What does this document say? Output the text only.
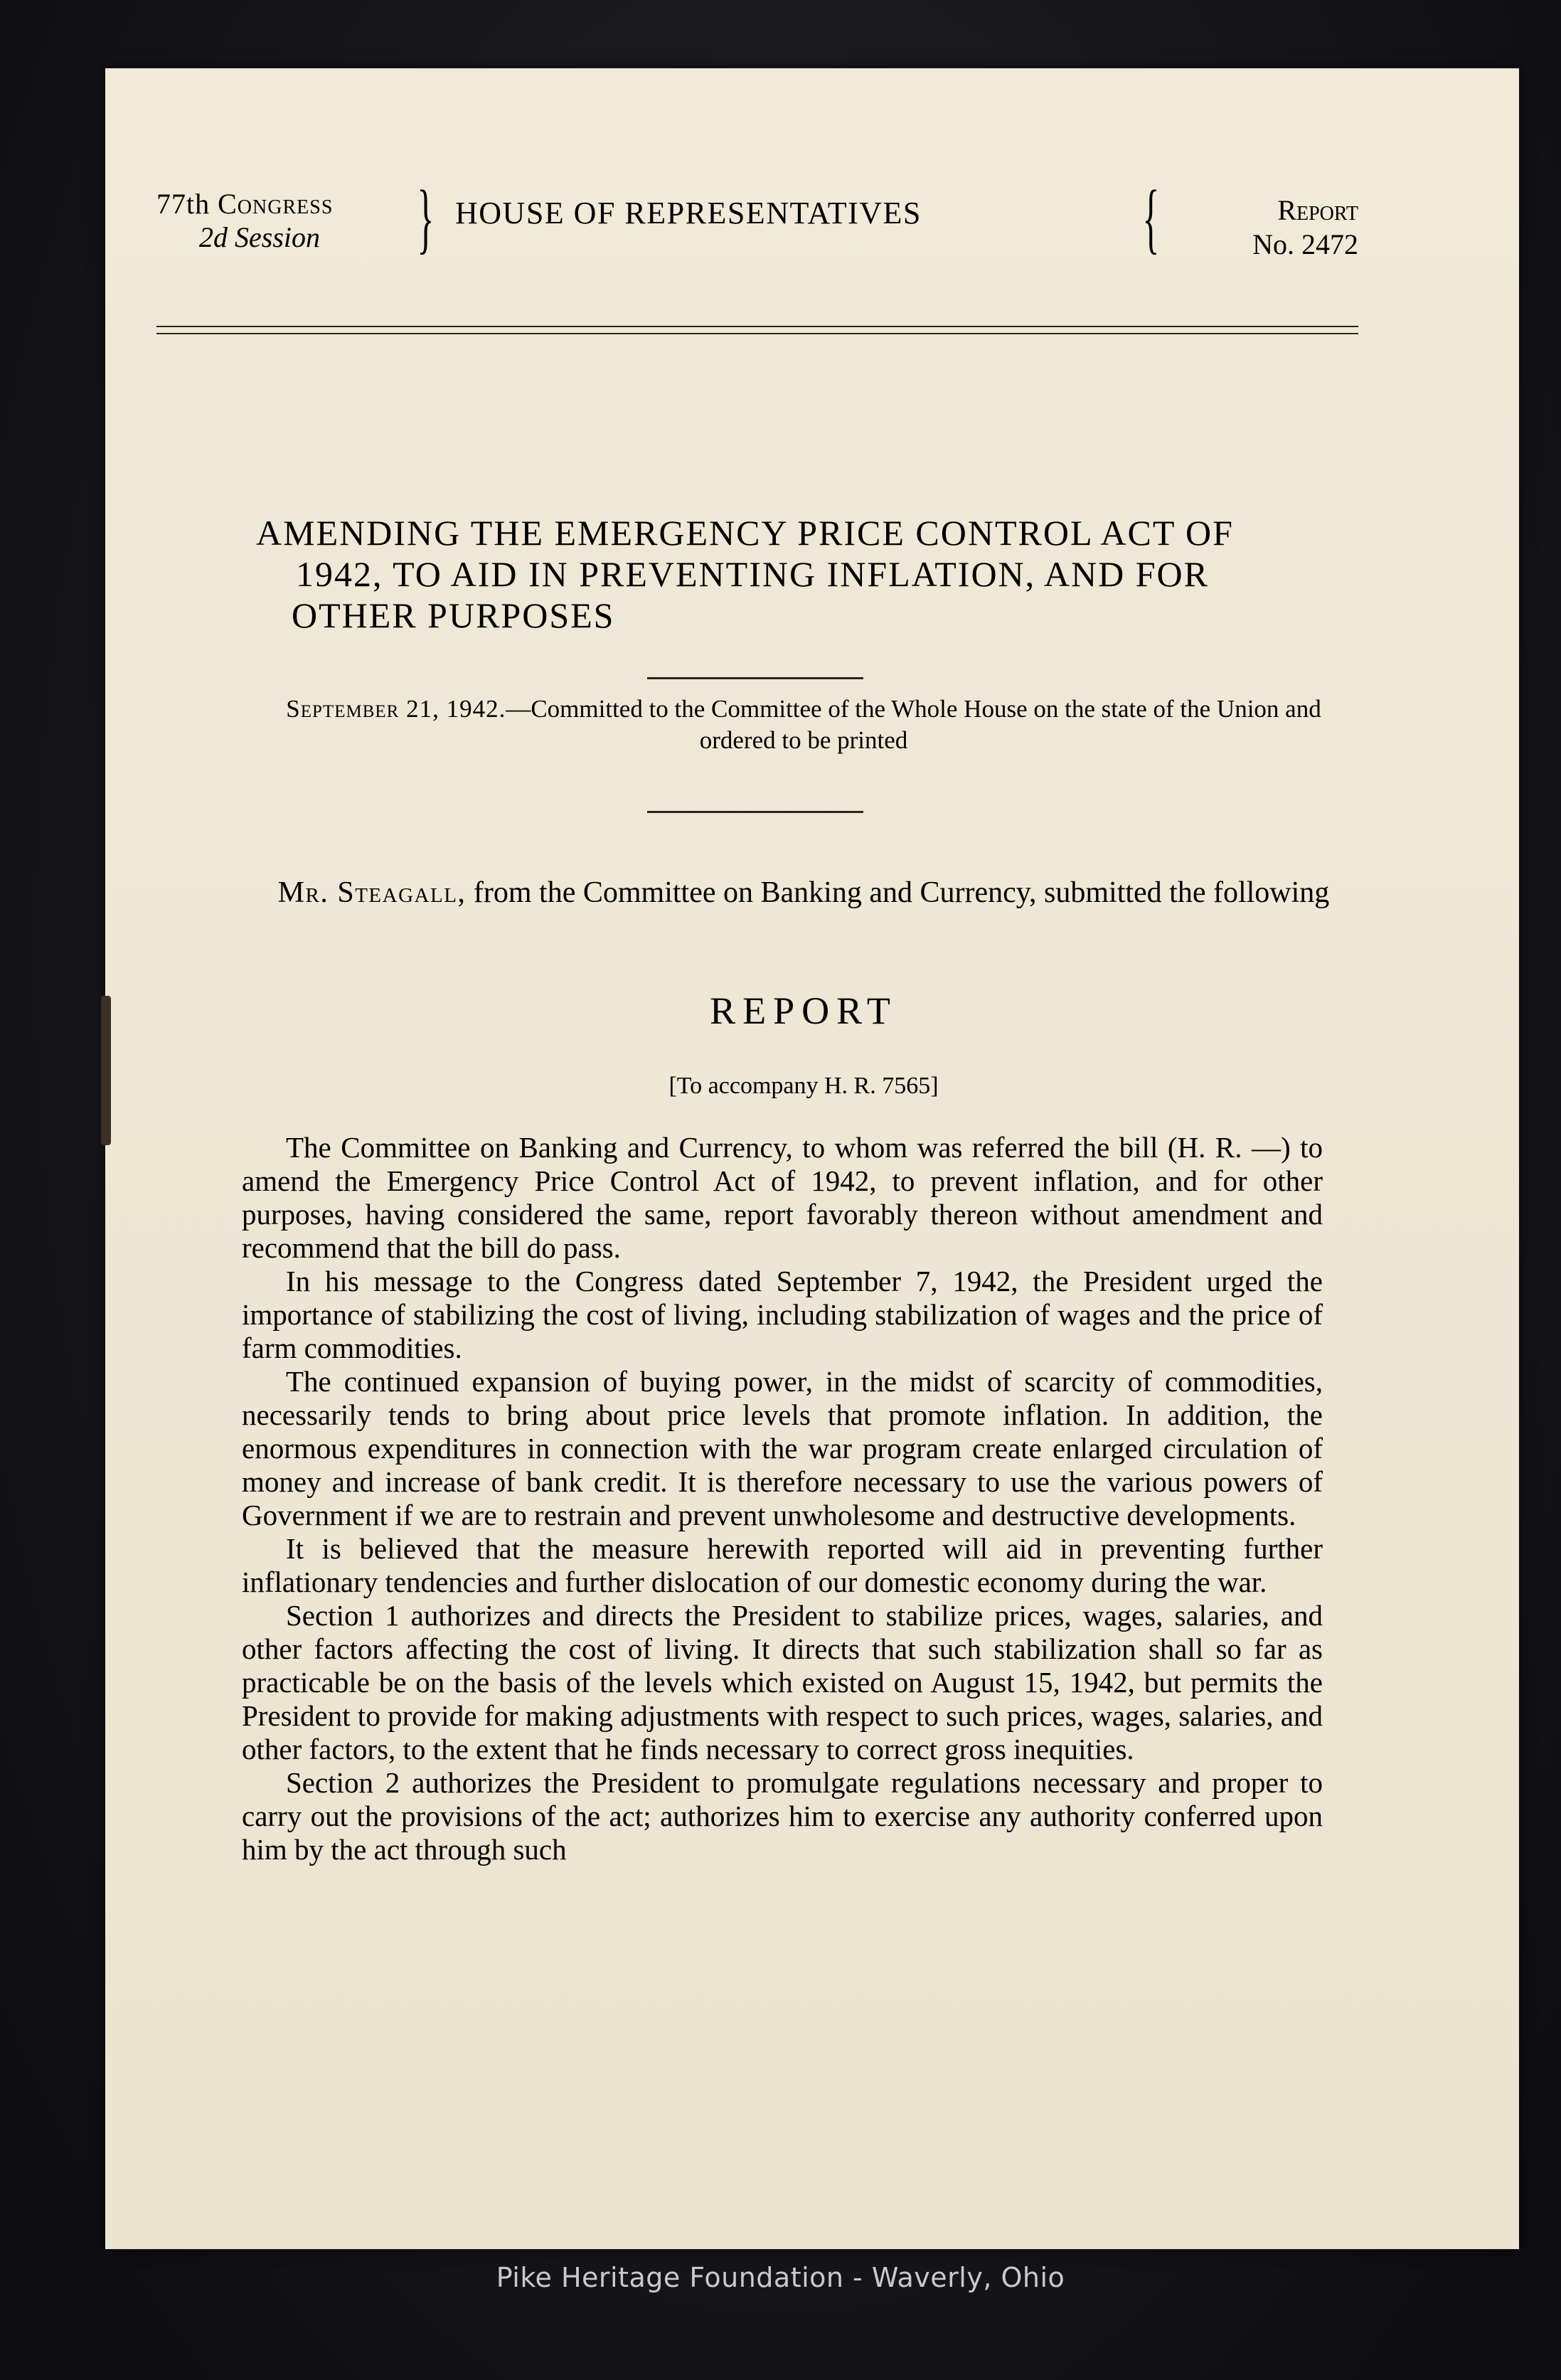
77th Congress
2d Session	} HOUSE OF REPRESENTATIVES	{	Report
No. 2472
AMENDING THE EMERGENCY PRICE CONTROL ACT OF
1942, TO AID IN PREVENTING INFLATION, AND FOR
OTHER PURPOSES
September 21, 1942.—Committed to the Committee of the Whole House on the state of the Union and ordered to be printed
Mr. Steagall, from the Committee on Banking and Currency, submitted the following
REPORT
[To accompany H. R. 7565]

The Committee on Banking and Currency, to whom was referred the bill (H. R. —) to amend the Emergency Price Control Act of 1942, to prevent inflation, and for other purposes, having considered the same, report favorably thereon without amendment and recommend that the bill do pass.

In his message to the Congress dated September 7, 1942, the President urged the importance of stabilizing the cost of living, including stabilization of wages and the price of farm commodities.

The continued expansion of buying power, in the midst of scarcity of commodities, necessarily tends to bring about price levels that promote inflation. In addition, the enormous expenditures in connection with the war program create enlarged circulation of money and increase of bank credit. It is therefore necessary to use the various powers of Government if we are to restrain and prevent unwholesome and destructive developments.

It is believed that the measure herewith reported will aid in preventing further inflationary tendencies and further dislocation of our domestic economy during the war.

Section 1 authorizes and directs the President to stabilize prices, wages, salaries, and other factors affecting the cost of living. It directs that such stabilization shall so far as practicable be on the basis of the levels which existed on August 15, 1942, but permits the President to provide for making adjustments with respect to such prices, wages, salaries, and other factors, to the extent that he finds necessary to correct gross inequities.

Section 2 authorizes the President to promulgate regulations necessary and proper to carry out the provisions of the act; authorizes him to exercise any authority conferred upon him by the act through such

Pike Heritage Foundation - Waverly, Ohio
